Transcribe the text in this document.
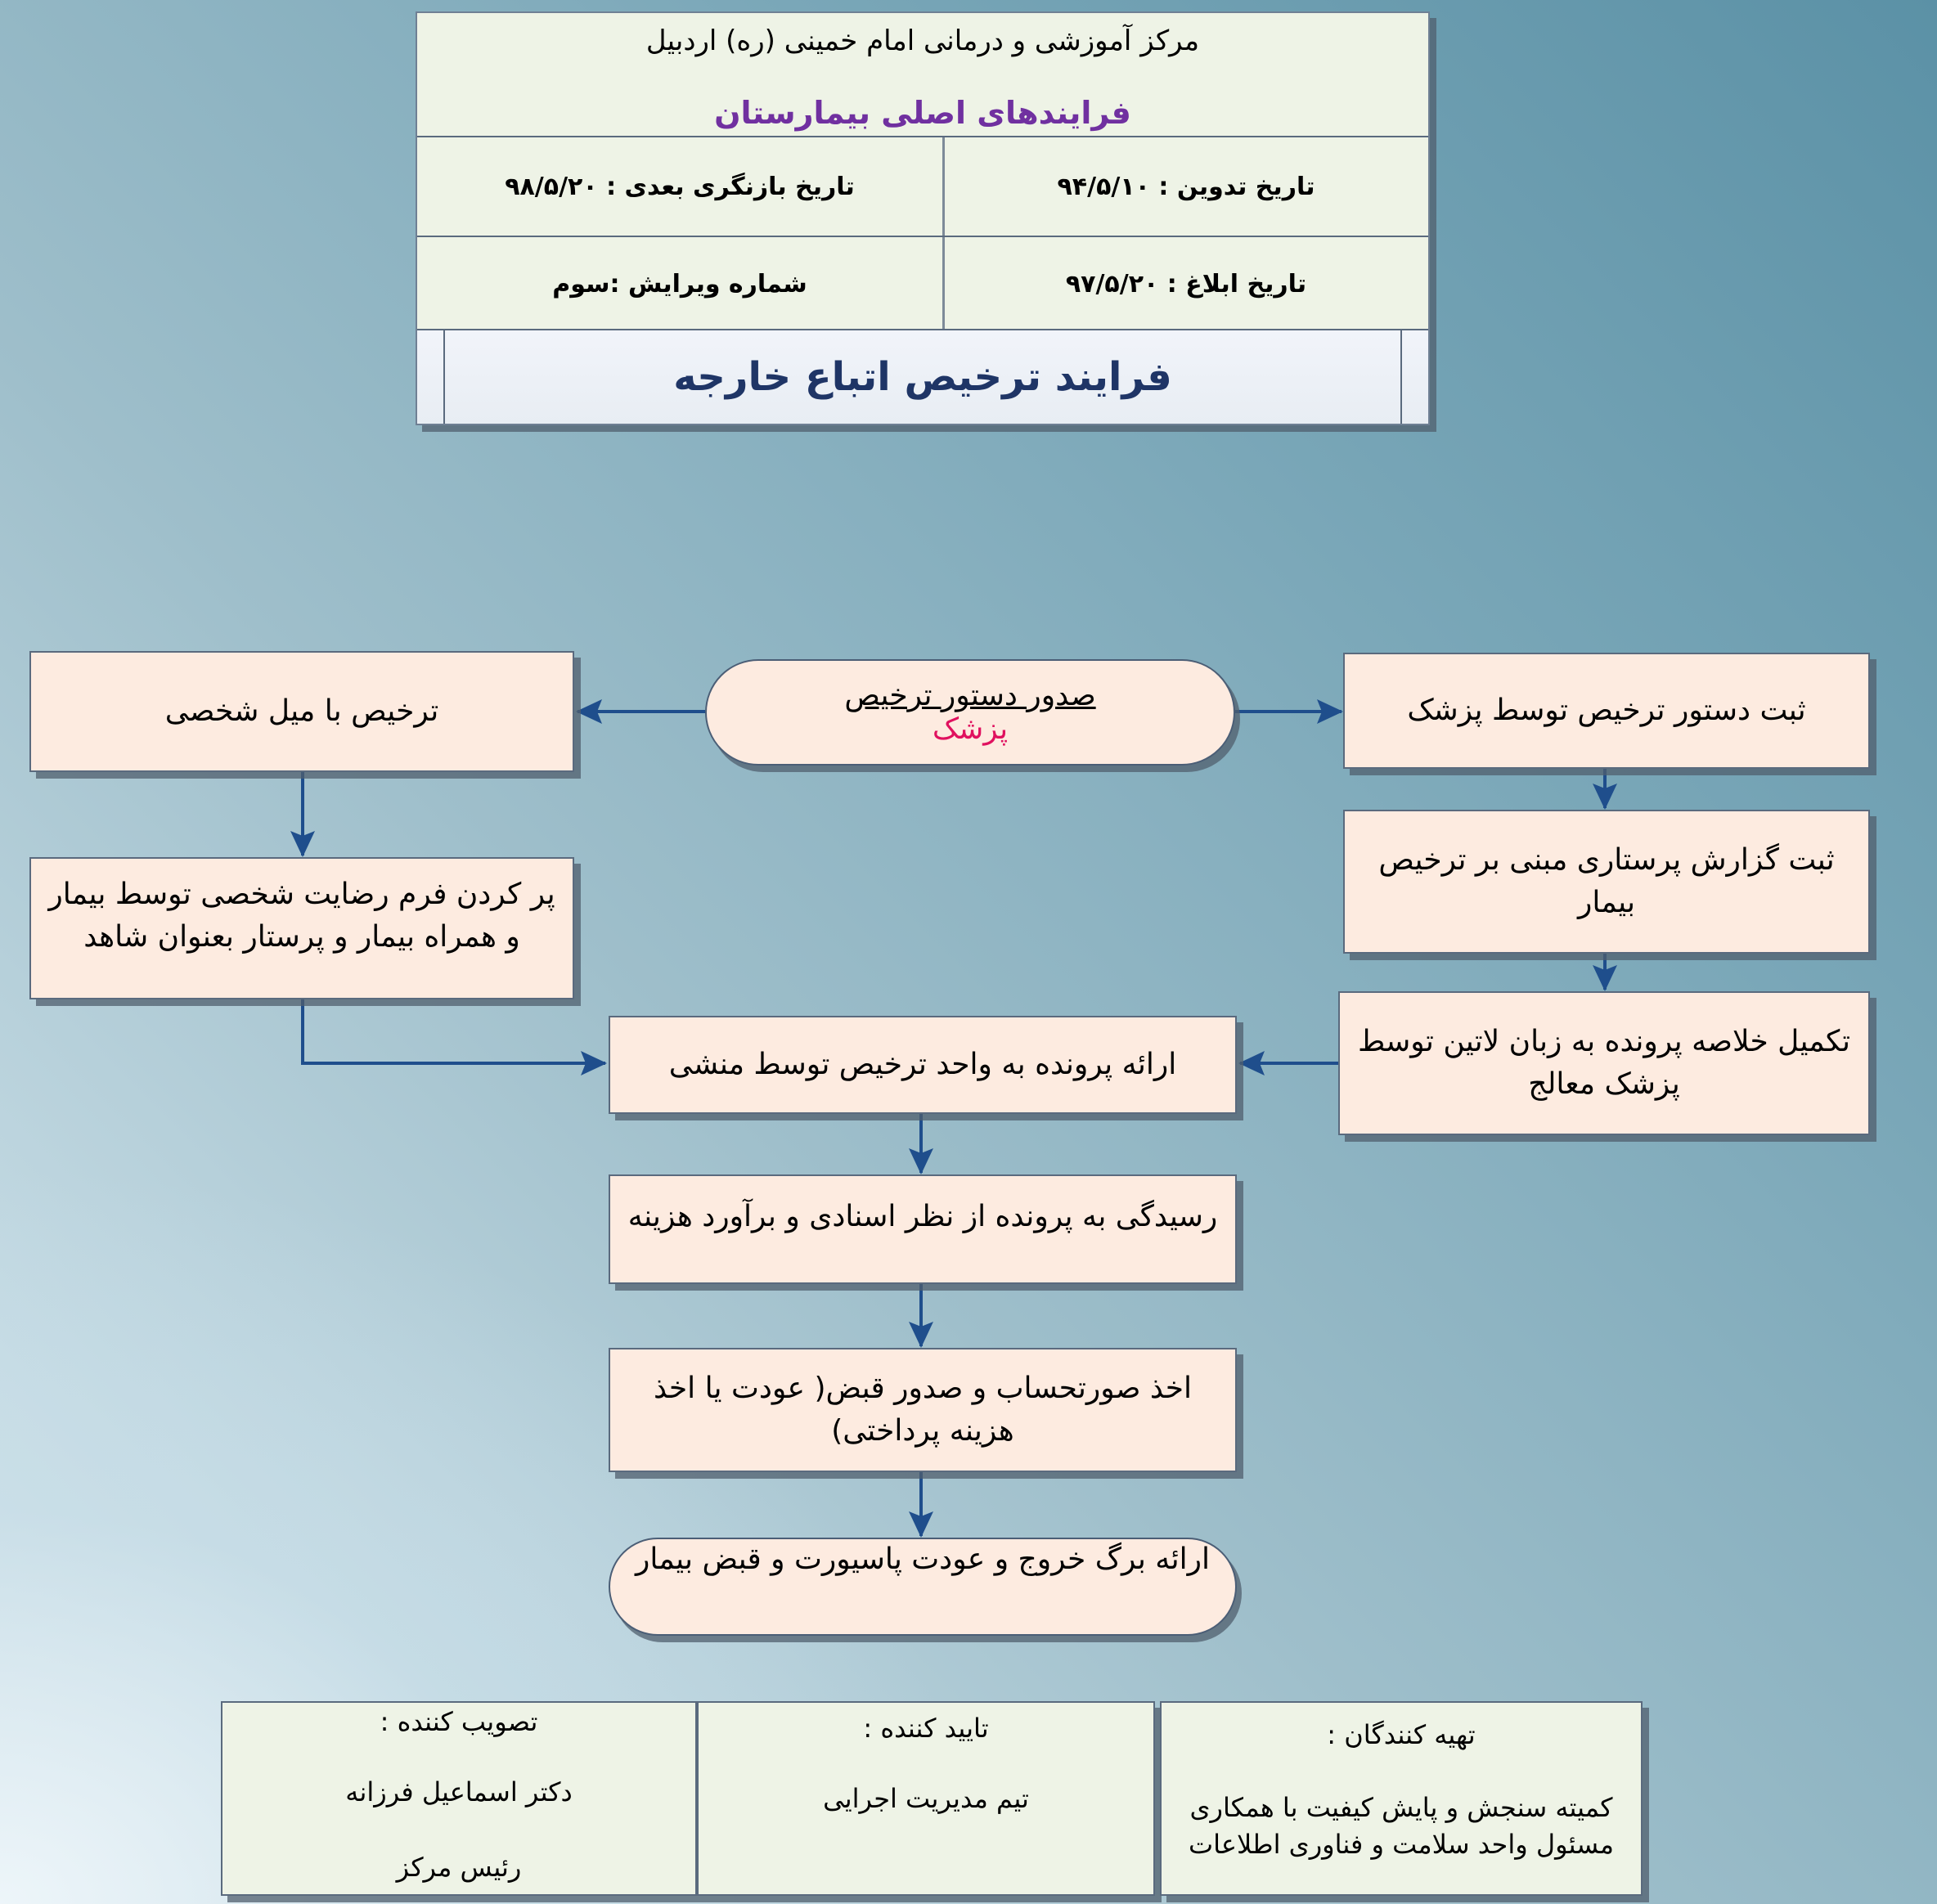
مرکز آموزشی و درمانی امام خمینی (ره) اردبیل
فرایندهای اصلی بیمارستان
تاریخ تدوین : ۹۴/۵/۱۰
تاریخ بازنگری بعدی : ۹۸/۵/۲۰
تاریخ ابلاغ : ۹۷/۵/۲۰
شماره ویرایش :سوم
فرایند ترخیص اتباع خارجه
صدور دستور ترخیص
پزشک
ترخیص با میل شخصی
پر کردن فرم رضایت شخصی توسط بیمار و همراه بیمار و پرستار بعنوان شاهد
ثبت دستور ترخیص توسط پزشک
ثبت گزارش پرستاری مبنی بر ترخیص بیمار
تکمیل خلاصه پرونده به زبان لاتین توسط پزشک معالج
ارائه پرونده به واحد ترخیص توسط منشی
رسیدگی به پرونده از نظر اسنادی و برآورد هزینه
اخذ صورتحساب و صدور قبض( عودت یا اخذ هزینه پرداختی)
ارائه برگ خروج و عودت پاسیورت و قبض بیمار
تصویب کننده :
دکتر اسماعیل فرزانه
رئیس مرکز
تایید کننده :
تیم مدیریت اجرایی
تهیه کنندگان :
کمیته سنجش و پایش کیفیت با همکاری مسئول واحد سلامت و فناوری اطلاعات
